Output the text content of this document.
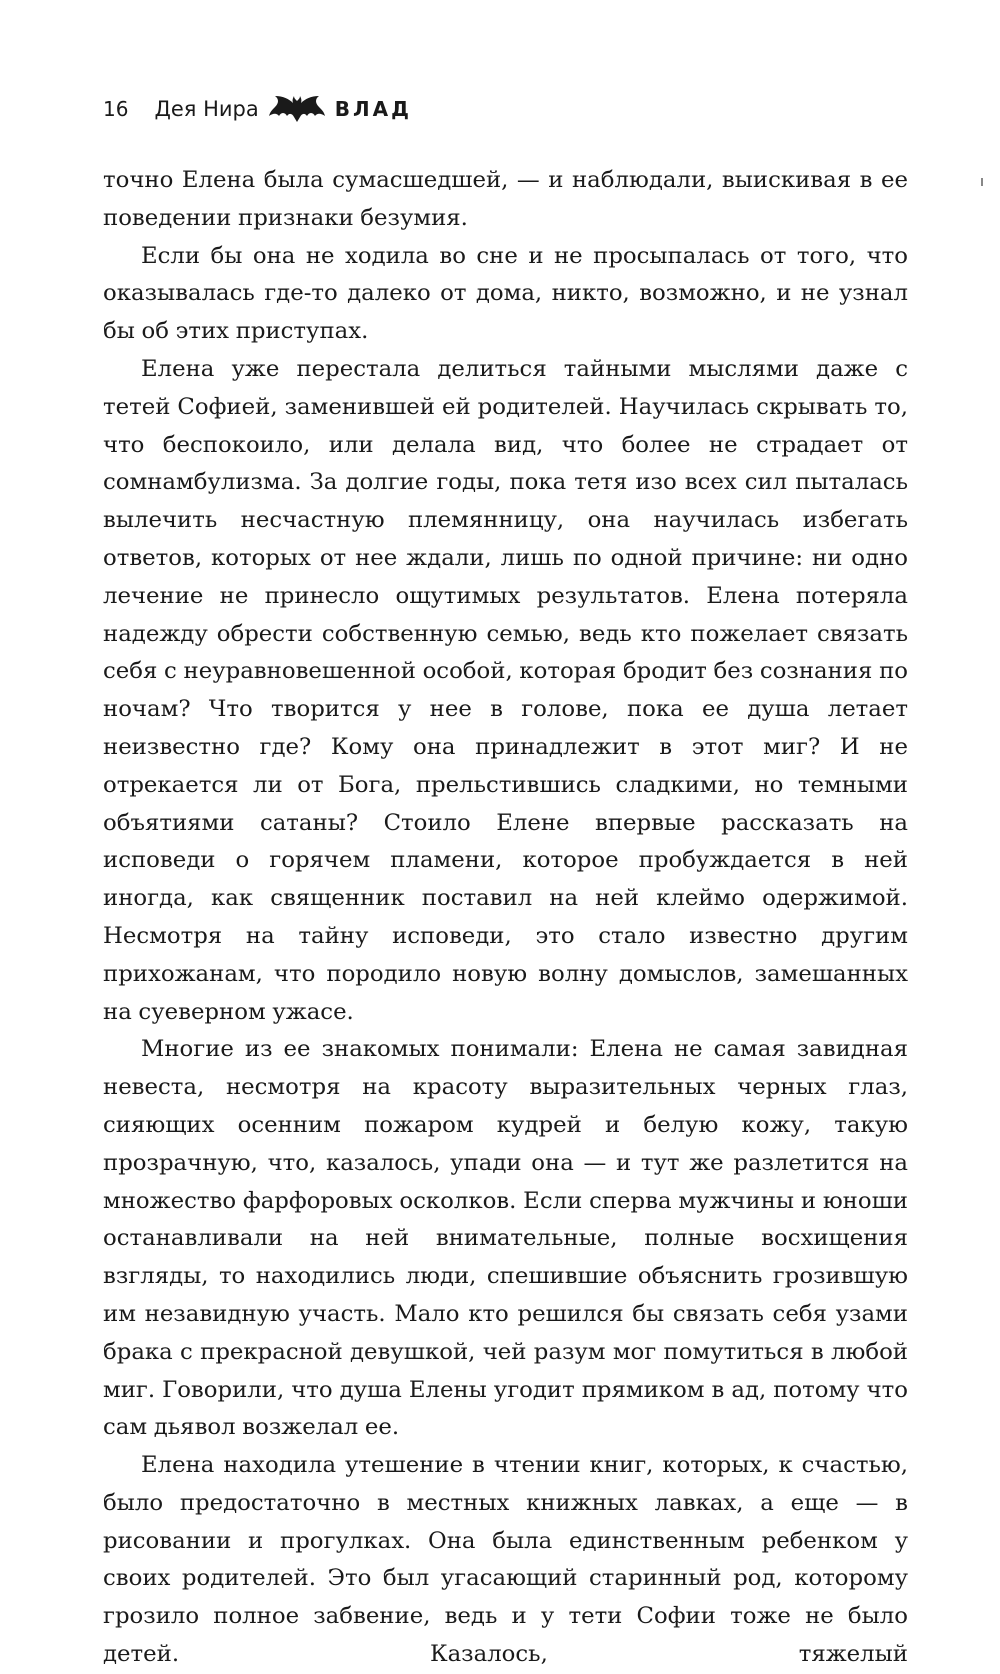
16 Дея Нира	ВЛАД

точно Елена была сумасшедшей, — и наблюдали, выискивая в ее поведении признаки безумия.

Если бы она не ходила во сне и не просыпалась от того, что оказывалась где-то далеко от дома, никто, возможно, и не узнал бы об этих приступах.

Елена уже перестала делиться тайными мыслями даже с тетей Софией, заменившей ей родителей. Научилась скрывать то, что беспокоило, или делала вид, что более не страдает от сомнамбулизма. За долгие годы, пока тетя изо всех сил пыталась вылечить несчастную племянницу, она научилась избегать ответов, которых от нее ждали, лишь по одной причине: ни одно лечение не принесло ощутимых результатов. Елена потеряла надежду обрести собственную семью, ведь кто пожелает связать себя с неуравновешенной особой, которая бродит без сознания по ночам? Что творится у нее в голове, пока ее душа летает неизвестно где? Кому она принадлежит в этот миг? И не отрекается ли от Бога, прельстившись сладкими, но темными объятиями сатаны? Стоило Елене впервые рассказать на исповеди о горячем пламени, которое пробуждается в ней иногда, как священник поставил на ней клеймо одержимой. Несмотря на тайну исповеди, это стало известно другим прихожанам, что породило новую волну домыслов, замешанных на суеверном ужасе.

Многие из ее знакомых понимали: Елена не самая завидная невеста, несмотря на красоту выразительных черных глаз, сияющих осенним пожаром кудрей и белую кожу, такую прозрачную, что, казалось, упади она — и тут же разлетится на множество фарфоровых осколков. Если сперва мужчины и юноши останавливали на ней внимательные, полные восхищения взгляды, то находились люди, спешившие объяснить грозившую им незавидную участь. Мало кто решился бы связать себя узами брака с прекрасной девушкой, чей разум мог помутиться в любой миг. Говорили, что душа Елены угодит прямиком в ад, потому что сам дьявол возжелал ее.

Елена находила утешение в чтении книг, которых, к счастью, было предостаточно в местных книжных лавках, а еще — в рисовании и прогулках. Она была единственным ребенком у своих родителей. Это был угасающий старинный род, которому грозило полное забвение, ведь и у тети Софии тоже не было детей. Казалось, тяжелый
